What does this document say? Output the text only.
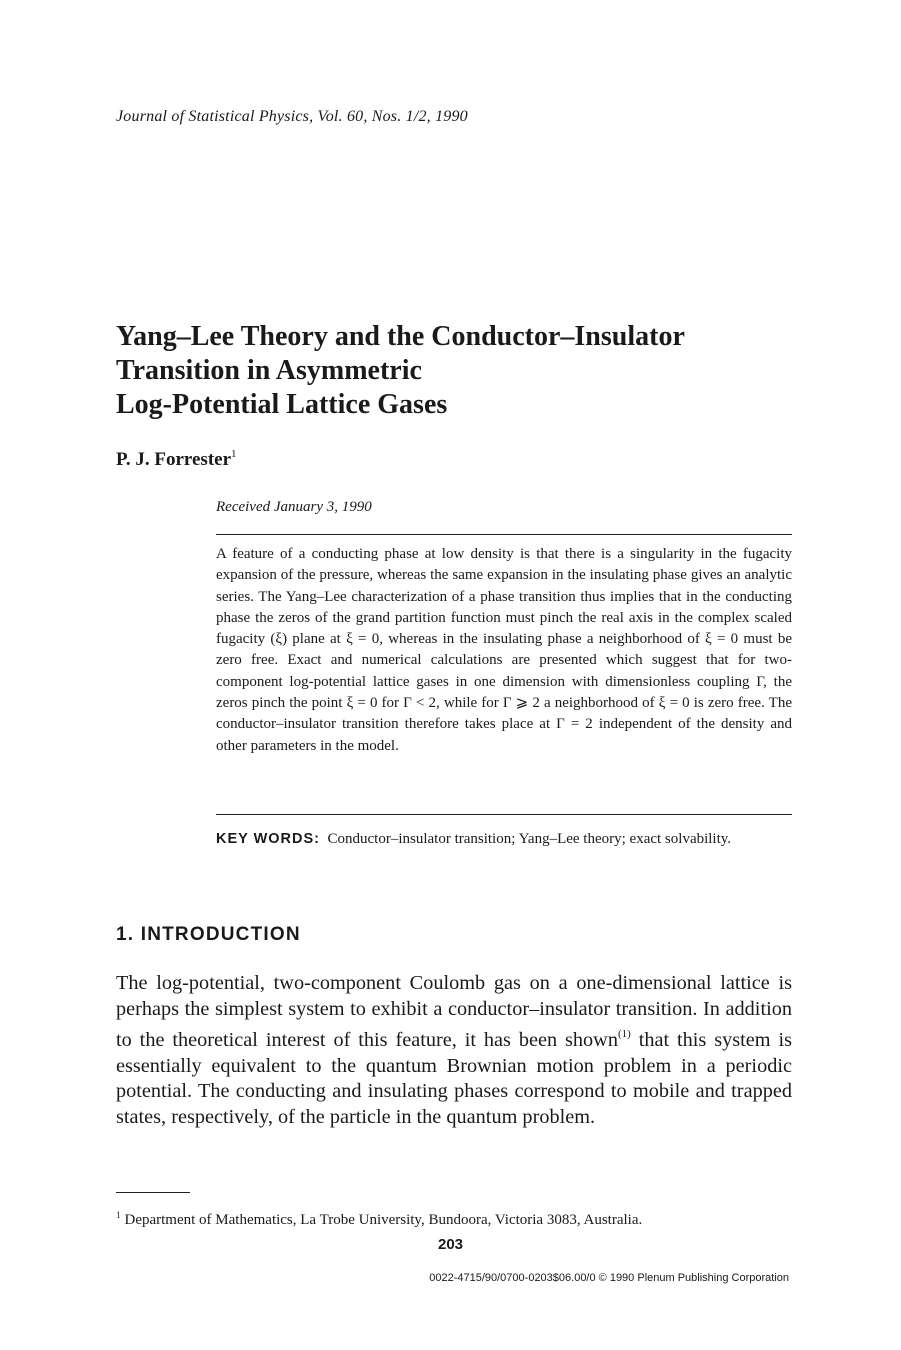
Journal of Statistical Physics, Vol. 60, Nos. 1/2, 1990
Yang–Lee Theory and the Conductor–Insulator
Transition in Asymmetric
Log-Potential Lattice Gases
P. J. Forrester$^1$
Received January 3, 1990

A feature of a conducting phase at low density is that there is a singularity in the fugacity expansion of the pressure, whereas the same expansion in the insulating phase gives an analytic series. The Yang–Lee characterization of a phase transition thus implies that in the conducting phase the zeros of the grand partition function must pinch the real axis in the complex scaled fugacity (ξ) plane at ξ = 0, whereas in the insulating phase a neighborhood of ξ = 0 must be zero free. Exact and numerical calculations are presented which suggest that for two-component log-potential lattice gases in one dimension with dimensionless coupling Γ, the zeros pinch the point ξ = 0 for Γ < 2, while for Γ ⩾ 2 a neighborhood of ξ = 0 is zero free. The conductor–insulator transition therefore takes place at Γ = 2 independent of the density and other parameters in the model.

KEY WORDS: Conductor–insulator transition; Yang–Lee theory; exact solvability.

1. INTRODUCTION

The log-potential, two-component Coulomb gas on a one-dimensional lattice is perhaps the simplest system to exhibit a conductor–insulator transition. In addition to the theoretical interest of this feature, it has been shown$^{(1)}$ that this system is essentially equivalent to the quantum Brownian motion problem in a periodic potential. The conducting and insulating phases correspond to mobile and trapped states, respectively, of the particle in the quantum problem.

$^1$ Department of Mathematics, La Trobe University, Bundoora, Victoria 3083, Australia.
203
0022-4715/90/0700-0203$06.00/0 © 1990 Plenum Publishing Corporation
